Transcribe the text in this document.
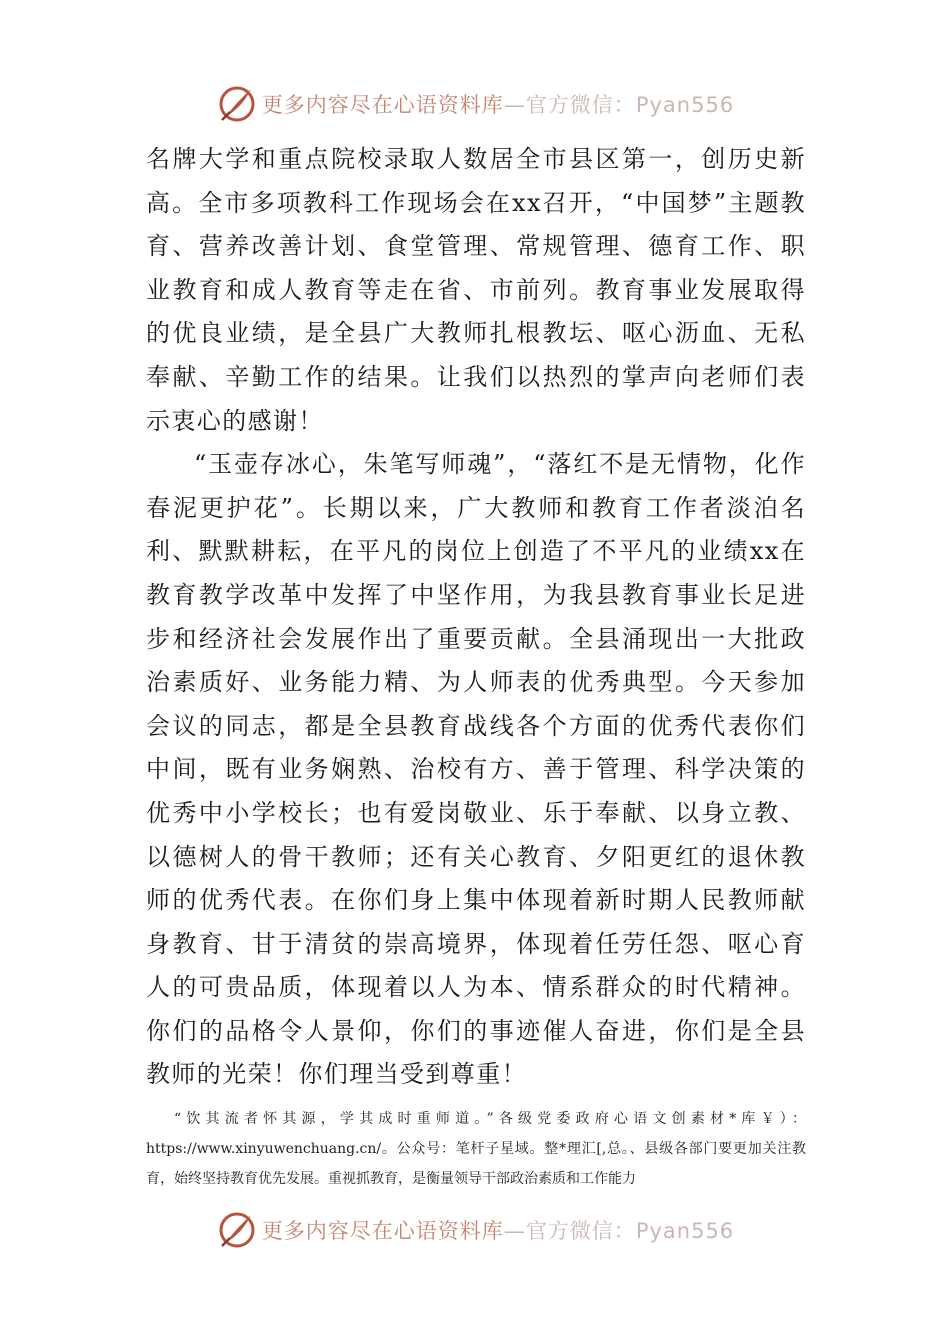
更多内容尽在心语资料库—官方微信：Pyan556

名牌大学和重点院校录取人数居全市县区第一，创历史新高。全市多项教科工作现场会在xx召开，“中国梦”主题教育、营养改善计划、食堂管理、常规管理、德育工作、职业教育和成人教育等走在省、市前列。教育事业发展取得的优良业绩，是全县广大教师扎根教坛、呕心沥血、无私奉献、辛勤工作的结果。让我们以热烈的掌声向老师们表示衷心的感谢！

“玉壶存冰心，朱笔写师魂”，“落红不是无情物，化作春泥更护花”。长期以来，广大教师和教育工作者淡泊名利、默默耕耘，在平凡的岗位上创造了不平凡的业绩xx在教育教学改革中发挥了中坚作用，为我县教育事业长足进步和经济社会发展作出了重要贡献。全县涌现出一大批政治素质好、业务能力精、为人师表的优秀典型。今天参加会议的同志，都是全县教育战线各个方面的优秀代表你们中间，既有业务娴熟、治校有方、善于管理、科学决策的优秀中小学校长；也有爱岗敬业、乐于奉献、以身立教、以德树人的骨干教师；还有关心教育、夕阳更红的退休教师的优秀代表。在你们身上集中体现着新时期人民教师献身教育、甘于清贫的崇高境界，体现着任劳任怨、呕心育人的可贵品质，体现着以人为本、情系群众的时代精神。你们的品格令人景仰，你们的事迹催人奋进，你们是全县教师的光荣！你们理当受到尊重！

“饮其流者怀其源，学其成时重师道。”各级党委政府心语文创素材*库￥）：https://www.xinyuwenchuang.cn/。公众号：笔杆子星域。整*理汇[,总。、县级各部门要更加关注教育，始终坚持教育优先发展。重视抓教育，是衡量领导干部政治素质和工作能力

更多内容尽在心语资料库—官方微信：Pyan556
